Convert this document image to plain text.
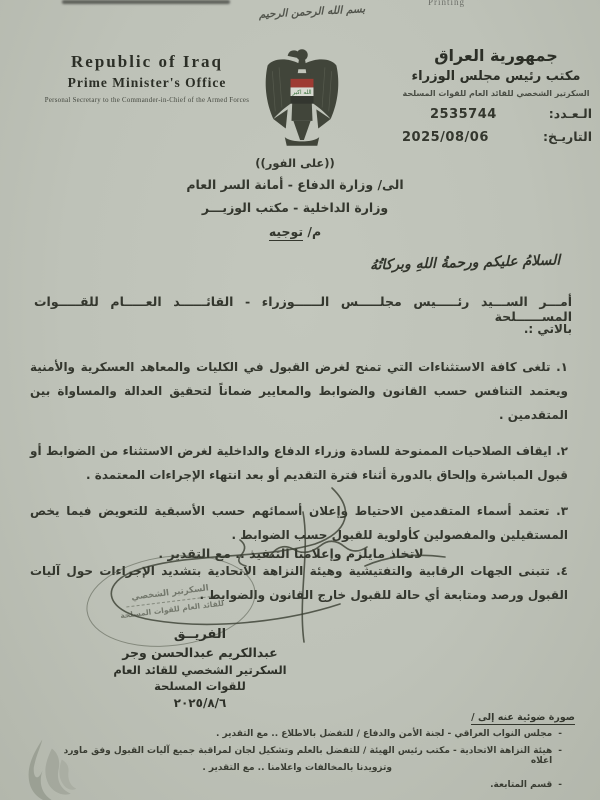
Printing
بسم الله الرحمن الرحيم
Republic of Iraq
Prime Minister's Office
Personal Secretary to the Commander-in-Chief of the Armed Forces
الله اكبر
جمهورية العراق
مكتب رئيس مجلس الوزراء
السكرتير الشخصي للقائد العام للقوات المسلحة
الـعـدد:
2535744
التاريـخ:
2025/08/06
((على الفور))
الى/ وزارة الدفاع - أمانة السر العام
وزارة الداخلية - مكتب الوزيـــر
م/ توجيه
السلامُ عليكم ورحمةُ اللهِ وبركاتُهُ
أمـــر الســـيد رئـــــيس مجلـــــس الــــــوزراء - القائــــــد العـــــام للقـــــوات المســــــلحة
بالاتي :.

١. تلغى كافة الاستثناءات التي تمنح لغرض القبول في الكليات والمعاهد العسكرية والأمنية ويعتمد التنافس حسب القانون والضوابط والمعايير ضماناً لتحقيق العدالة والمساواة بين المتقدمين .

٢. ايقاف الصلاحيات الممنوحة للسادة وزراء الدفاع والداخلية لغرض الاستثناء من الضوابط أو قبول المباشرة وإلحاق بالدورة أثناء فترة التقديم أو بعد انتهاء الإجراءات المعتمدة .

٣. تعتمد أسماء المتقدمين الاحتياط وإعلان أسمائهم حسب الأسبقية للتعويض فيما يخص المستقيلين والمفصولين كأولوية للقبول حسب الضوابط .

٤. تتبنى الجهات الرقابية والتفتيشية وهيئة النزاهة الاتحادية بتشديد الإجراءات حول آليات القبول ورصد ومتابعة أي حالة للقبول خارج القانون والضوابط .

لاتخاذ مايلزم وإعلامنا التنفيذ .. مع التقدير .
السكرتير الشخصي
للقائد العام للقوات المسلحة
الفريــق
عبدالكريم عبدالحسن وجر
السكرتير الشخصي للقائد العام
للقوات المسلحة
٢٠٢٥/٨/٦
صورة ضوئية عنه إلى /
-
مجلس النواب العراقي - لجنة الأمن والدفاع / للتفضل بالاطلاع .. مع التقدير .
-
هيئة النزاهة الاتحادية - مكتب رئيس الهيئة / للتفضل بالعلم وتشكيل لجان لمراقبة جميع آليات القبول وفق ماورد اعلاه
وتزويدنا بالمخالفات واعلامنا .. مع التقدير .
-
قسم المتابعة.
